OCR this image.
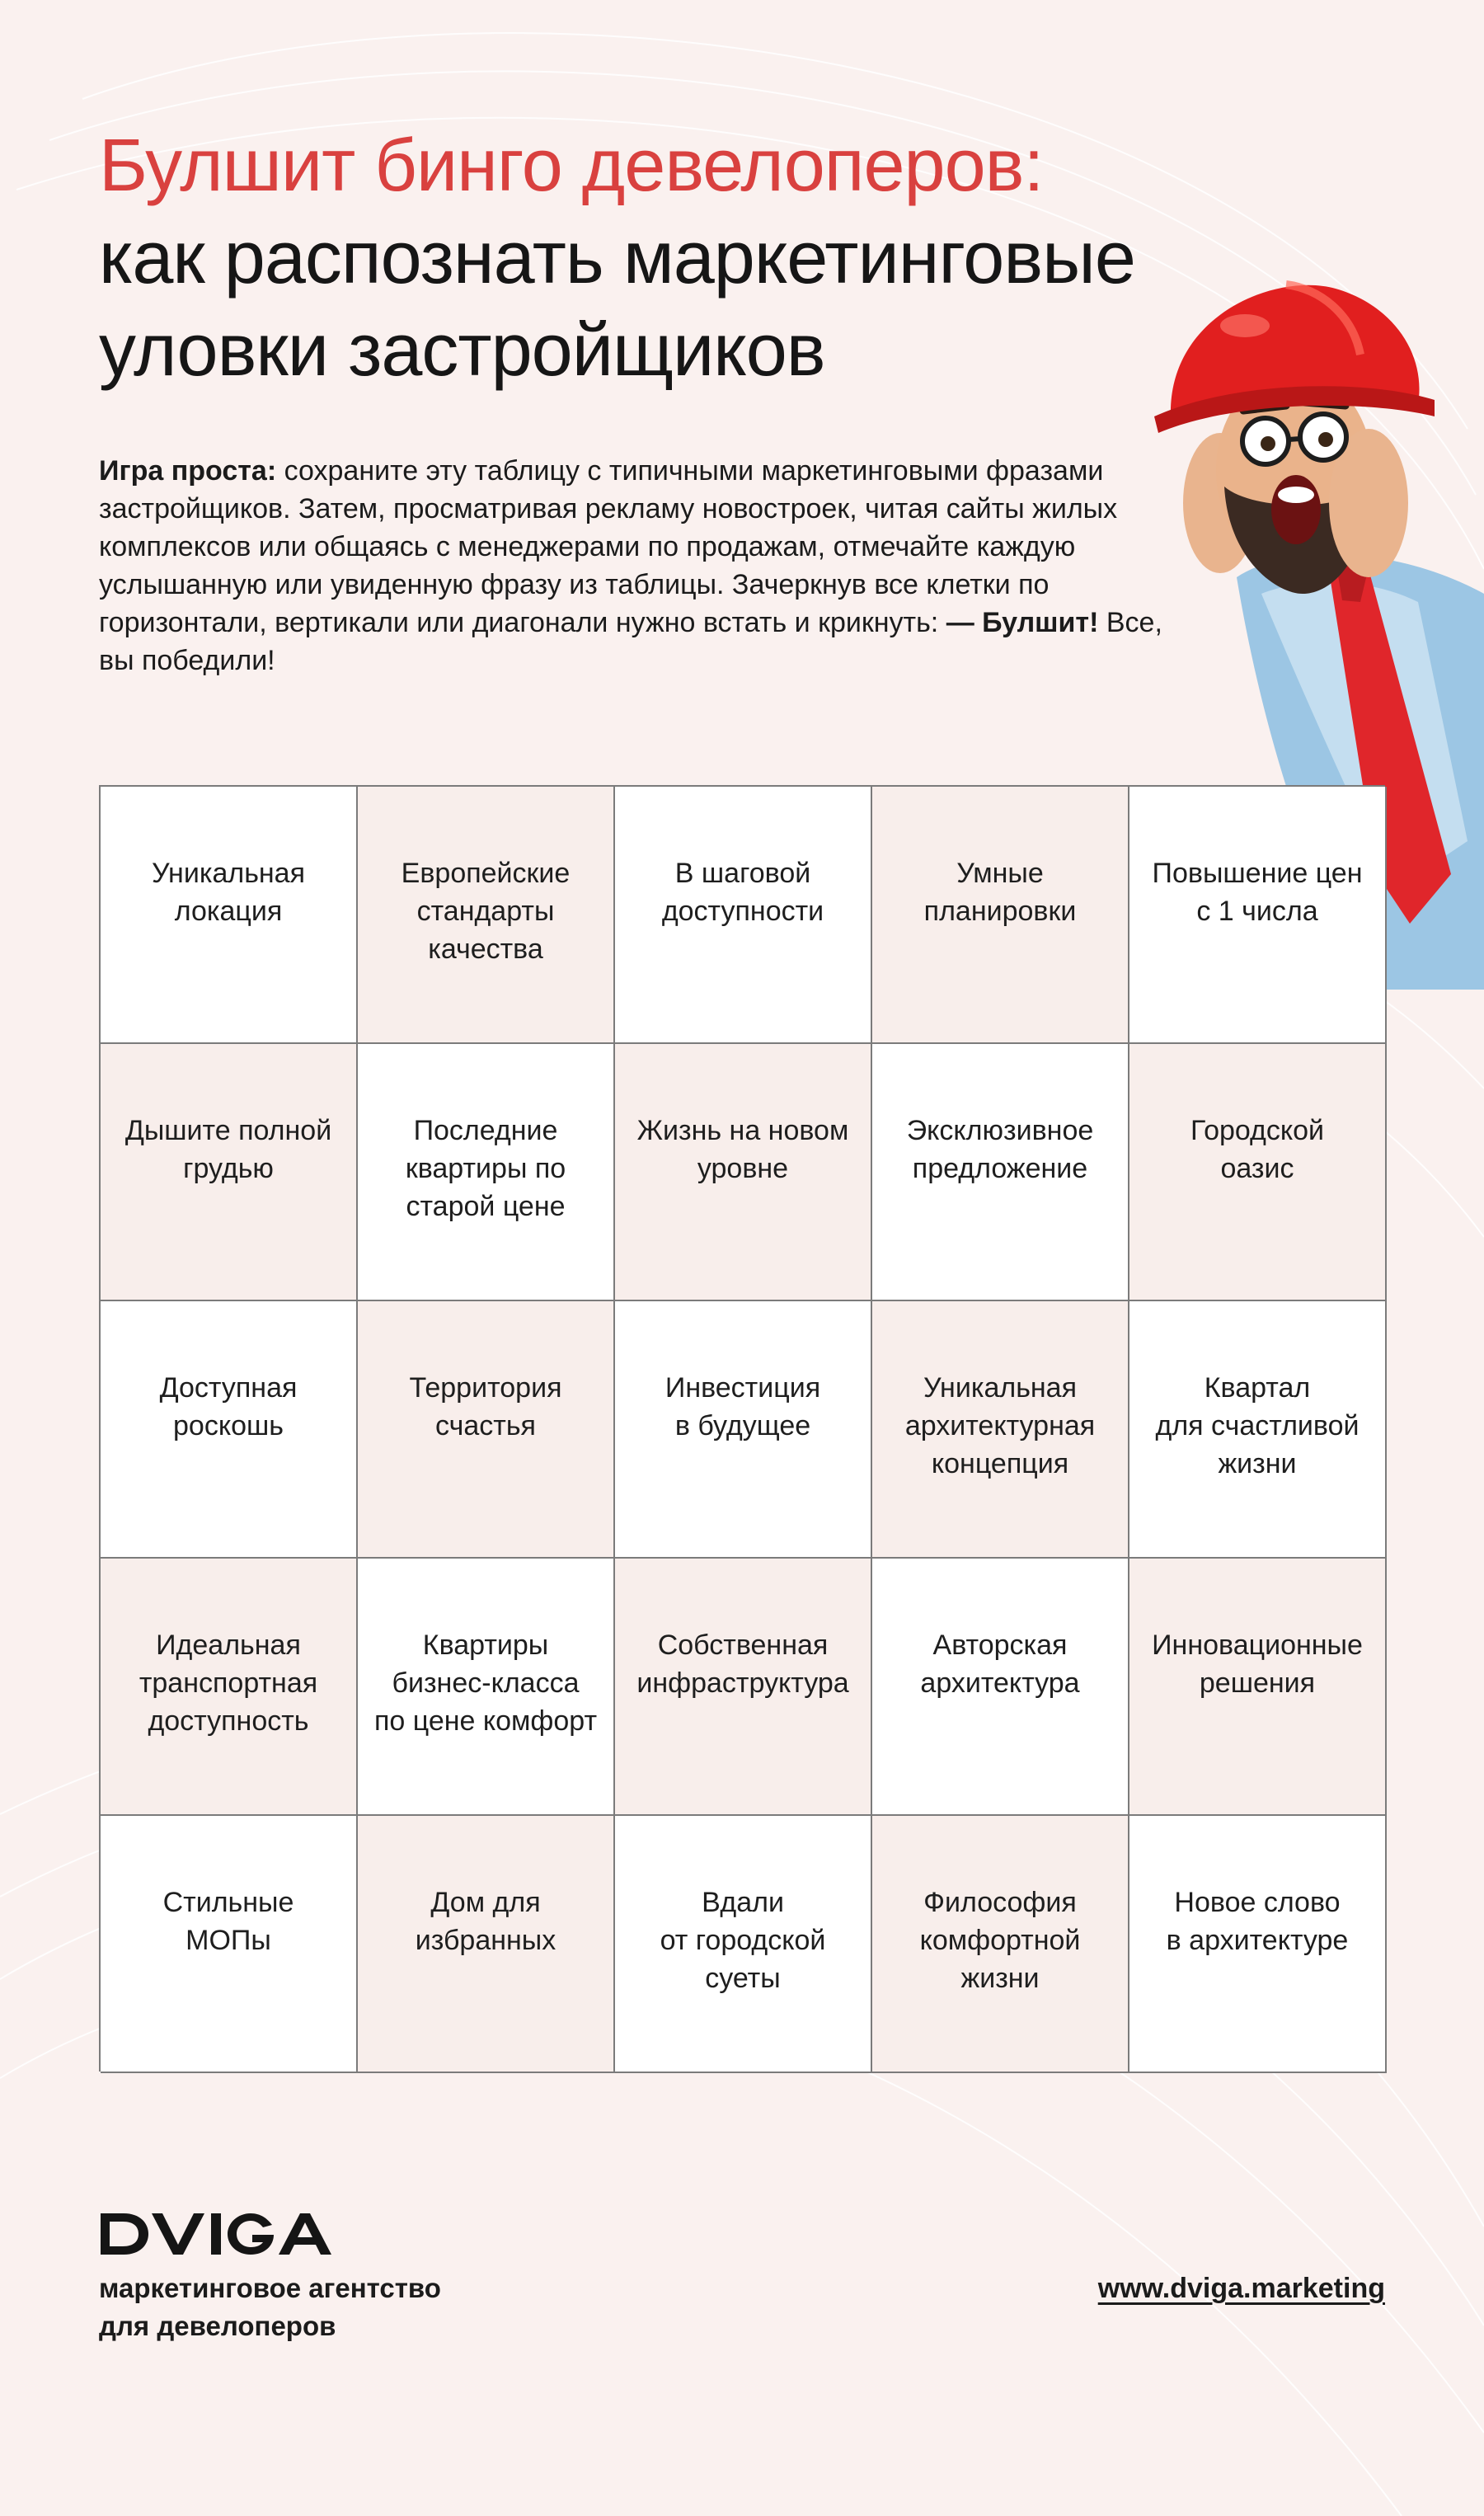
Булшит бинго девелоперов:
как распознать маркетинговые
уловки застройщиков
Игра проста: сохраните эту таблицу с типичными маркетинговыми фразами застройщиков. Затем, просматривая рекламу новостроек, читая сайты жилых комплексов или общаясь с менеджерами по продажам, отмечайте каждую услышанную или увиденную фразу из таблицы. Зачеркнув все клетки по горизонтали, вертикали или диагонали нужно встать и крикнуть: — Булшит! Все, вы победили!
Уникальная
локация
Европейские
стандарты
качества
В шаговой
доступности
Умные
планировки
Повышение цен
с 1 числа
Дышите полной
грудью
Последние
квартиры по
старой цене
Жизнь на новом
уровне
Эксклюзивное
предложение
Городской
оазис
Доступная
роскошь
Территория
счастья
Инвестиция
в будущее
Уникальная
архитектурная
концепция
Квартал
для счастливой
жизни
Идеальная
транспортная
доступность
Квартиры
бизнес-класса
по цене комфорт
Собственная
инфраструктура
Авторская
архитектура
Инновационные
решения
Стильные
МОПы
Дом для
избранных
Вдали
от городской
суеты
Философия
комфортной
жизни
Новое слово
в архитектуре
маркетинговое агентство
для девелоперов
www.dviga.marketing
